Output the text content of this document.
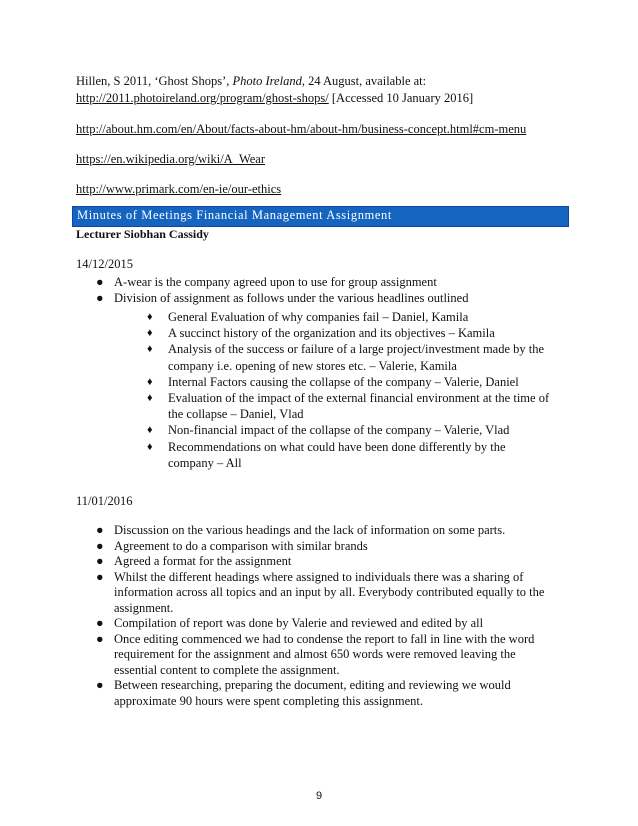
Hillen, S 2011, ‘Ghost Shops’, Photo Ireland, 24 August, available at:
http://2011.photoireland.org/program/ghost-shops/ [Accessed 10 January 2016]
http://about.hm.com/en/About/facts-about-hm/about-hm/business-concept.html#cm-menu
https://en.wikipedia.org/wiki/A_Wear
http://www.primark.com/en-ie/our-ethics
Minutes of Meetings Financial Management Assignment
Lecturer Siobhan Cassidy
14/12/2015
● A-wear is the company agreed upon to use for group assignment
● Division of assignment as follows under the various headlines outlined
♦ General Evaluation of why companies fail – Daniel, Kamila
♦ A succinct history of the organization and its objectives – Kamila
♦ Analysis of the success or failure of a large project/investment made by the company i.e. opening of new stores etc. – Valerie, Kamila
♦ Internal Factors causing the collapse of the company – Valerie, Daniel
♦ Evaluation of the impact of the external financial environment at the time of the collapse – Daniel, Vlad
♦ Non-financial impact of the collapse of the company – Valerie, Vlad
♦ Recommendations on what could have been done differently by the company – All
11/01/2016
● Discussion on the various headings and the lack of information on some parts.
● Agreement to do a comparison with similar brands
● Agreed a format for the assignment
● Whilst the different headings where assigned to individuals there was a sharing of information across all topics and an input by all. Everybody contributed equally to the assignment.
● Compilation of report was done by Valerie and reviewed and edited by all
● Once editing commenced we had to condense the report to fall in line with the word requirement for the assignment and almost 650 words were removed leaving the essential content to complete the assignment.
● Between researching, preparing the document, editing and reviewing we would approximate 90 hours were spent completing this assignment.
9
